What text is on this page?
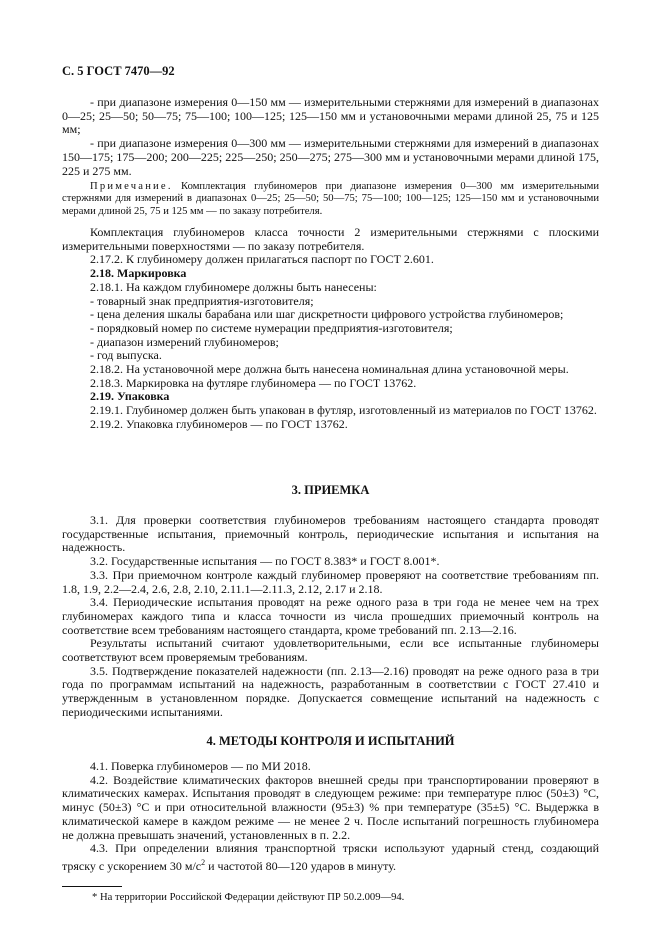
С. 5 ГОСТ 7470—92

- при диапазоне измерения 0—150 мм — измерительными стержнями для измерений в диапазонах 0—25; 25—50; 50—75; 75—100; 100—125; 125—150 мм и установочными мерами длиной 25, 75 и 125 мм;

- при диапазоне измерения 0—300 мм — измерительными стержнями для измерений в диапазонах 150—175; 175—200; 200—225; 225—250; 250—275; 275—300 мм и установочными мерами длиной 175, 225 и 275 мм.

Примечание. Комплектация глубиномеров при диапазоне измерения 0—300 мм измерительными стержнями для измерений в диапазонах 0—25; 25—50; 50—75; 75—100; 100—125; 125—150 мм и установочными мерами длиной 25, 75 и 125 мм — по заказу потребителя.

Комплектация глубиномеров класса точности 2 измерительными стержнями с плоскими измерительными поверхностями — по заказу потребителя.

2.17.2. К глубиномеру должен прилагаться паспорт по ГОСТ 2.601.

2.18. Маркировка

2.18.1. На каждом глубиномере должны быть нанесены:

- товарный знак предприятия-изготовителя;

- цена деления шкалы барабана или шаг дискретности цифрового устройства глубиномеров;

- порядковый номер по системе нумерации предприятия-изготовителя;

- диапазон измерений глубиномеров;

- год выпуска.

2.18.2. На установочной мере должна быть нанесена номинальная длина установочной меры.

2.18.3. Маркировка на футляре глубиномера — по ГОСТ 13762.

2.19. Упаковка

2.19.1. Глубиномер должен быть упакован в футляр, изготовленный из материалов по ГОСТ 13762.

2.19.2. Упаковка глубиномеров — по ГОСТ 13762.

3. ПРИЕМКА

3.1. Для проверки соответствия глубиномеров требованиям настоящего стандарта проводят государственные испытания, приемочный контроль, периодические испытания и испытания на надежность.

3.2. Государственные испытания — по ГОСТ 8.383* и ГОСТ 8.001*.

3.3. При приемочном контроле каждый глубиномер проверяют на соответствие требованиям пп. 1.8, 1.9, 2.2—2.4, 2.6, 2.8, 2.10, 2.11.1—2.11.3, 2.12, 2.17 и 2.18.

3.4. Периодические испытания проводят на реже одного раза в три года не менее чем на трех глубиномерах каждого типа и класса точности из числа прошедших приемочный контроль на соответствие всем требованиям настоящего стандарта, кроме требований пп. 2.13—2.16.

Результаты испытаний считают удовлетворительными, если все испытанные глубиномеры соответствуют всем проверяемым требованиям.

3.5. Подтверждение показателей надежности (пп. 2.13—2.16) проводят на реже одного раза в три года по программам испытаний на надежность, разработанным в соответствии с ГОСТ 27.410 и утвержденным в установленном порядке. Допускается совмещение испытаний на надежность с периодическими испытаниями.

4. МЕТОДЫ КОНТРОЛЯ И ИСПЫТАНИЙ

4.1. Поверка глубиномеров — по МИ 2018.

4.2. Воздействие климатических факторов внешней среды при транспортировании проверяют в климатических камерах. Испытания проводят в следующем режиме: при температуре плюс (50±3) °С, минус (50±3) °С и при относительной влажности (95±3) % при температуре (35±5) °С. Выдержка в климатической камере в каждом режиме — не менее 2 ч. После испытаний погрешность глубиномера не должна превышать значений, установленных в п. 2.2.

4.3. При определении влияния транспортной тряски используют ударный стенд, создающий тряску с ускорением 30 $м/с^2$ и частотой 80—120 ударов в минуту.

* На территории Российской Федерации действуют ПР 50.2.009—94.
